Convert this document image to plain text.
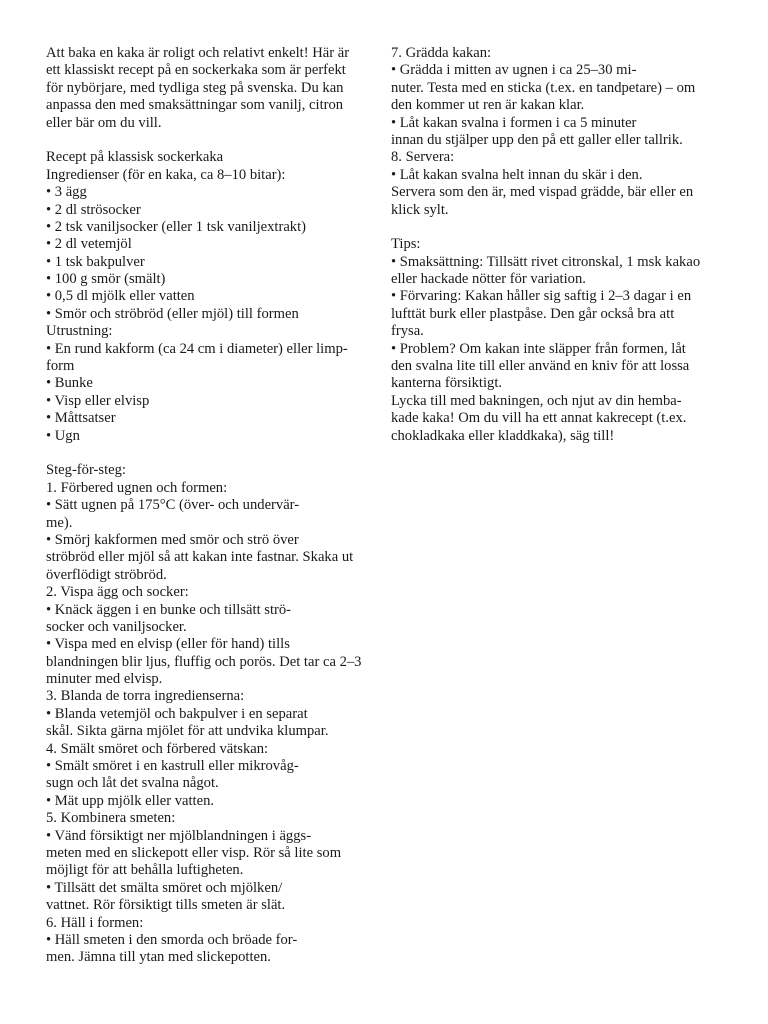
Att baka en kaka är roligt och relativt enkelt! Här är
ett klassiskt recept på en sockerkaka som är perfekt
för nybörjare, med tydliga steg på svenska. Du kan
anpassa den med smaksättningar som vanilj, citron
eller bär om du vill.
Recept på klassisk sockerkaka
Ingredienser (för en kaka, ca 8–10 bitar):
• 3 ägg
• 2 dl strösocker
• 2 tsk vaniljsocker (eller 1 tsk vaniljextrakt)
• 2 dl vetemjöl
• 1 tsk bakpulver
• 100 g smör (smält)
• 0,5 dl mjölk eller vatten
• Smör och ströbröd (eller mjöl) till formen
Utrustning:
• En rund kakform (ca 24 cm i diameter) eller limp-
form
• Bunke
• Visp eller elvisp
• Måttsatser
• Ugn
Steg-för-steg:
1. Förbered ugnen och formen:
• Sätt ugnen på 175°C (över- och undervär-
me).
• Smörj kakformen med smör och strö över
ströbröd eller mjöl så att kakan inte fastnar. Skaka ut
överflödigt ströbröd.
2. Vispa ägg och socker:
• Knäck äggen i en bunke och tillsätt strö-
socker och vaniljsocker.
• Vispa med en elvisp (eller för hand) tills
blandningen blir ljus, fluffig och porös. Det tar ca 2–3
minuter med elvisp.
3. Blanda de torra ingredienserna:
• Blanda vetemjöl och bakpulver i en separat
skål. Sikta gärna mjölet för att undvika klumpar.
4. Smält smöret och förbered vätskan:
• Smält smöret i en kastrull eller mikrovåg-
sugn och låt det svalna något.
• Mät upp mjölk eller vatten.
5. Kombinera smeten:
• Vänd försiktigt ner mjölblandningen i äggs-
meten med en slickepott eller visp. Rör så lite som
möjligt för att behålla luftigheten.
• Tillsätt det smälta smöret och mjölken/
vattnet. Rör försiktigt tills smeten är slät.
6. Häll i formen:
• Häll smeten i den smorda och bröade for-
men. Jämna till ytan med slickepotten.
7. Grädda kakan:
• Grädda i mitten av ugnen i ca 25–30 mi-
nuter. Testa med en sticka (t.ex. en tandpetare) – om
den kommer ut ren är kakan klar.
• Låt kakan svalna i formen i ca 5 minuter
innan du stjälper upp den på ett galler eller tallrik.
8. Servera:
• Låt kakan svalna helt innan du skär i den.
Servera som den är, med vispad grädde, bär eller en
klick sylt.
Tips:
• Smaksättning: Tillsätt rivet citronskal, 1 msk kakao
eller hackade nötter för variation.
• Förvaring: Kakan håller sig saftig i 2–3 dagar i en
lufttät burk eller plastpåse. Den går också bra att
frysa.
• Problem? Om kakan inte släpper från formen, låt
den svalna lite till eller använd en kniv för att lossa
kanterna försiktigt.
Lycka till med bakningen, och njut av din hemba-
kade kaka! Om du vill ha ett annat kakrecept (t.ex.
chokladkaka eller kladdkaka), säg till!
